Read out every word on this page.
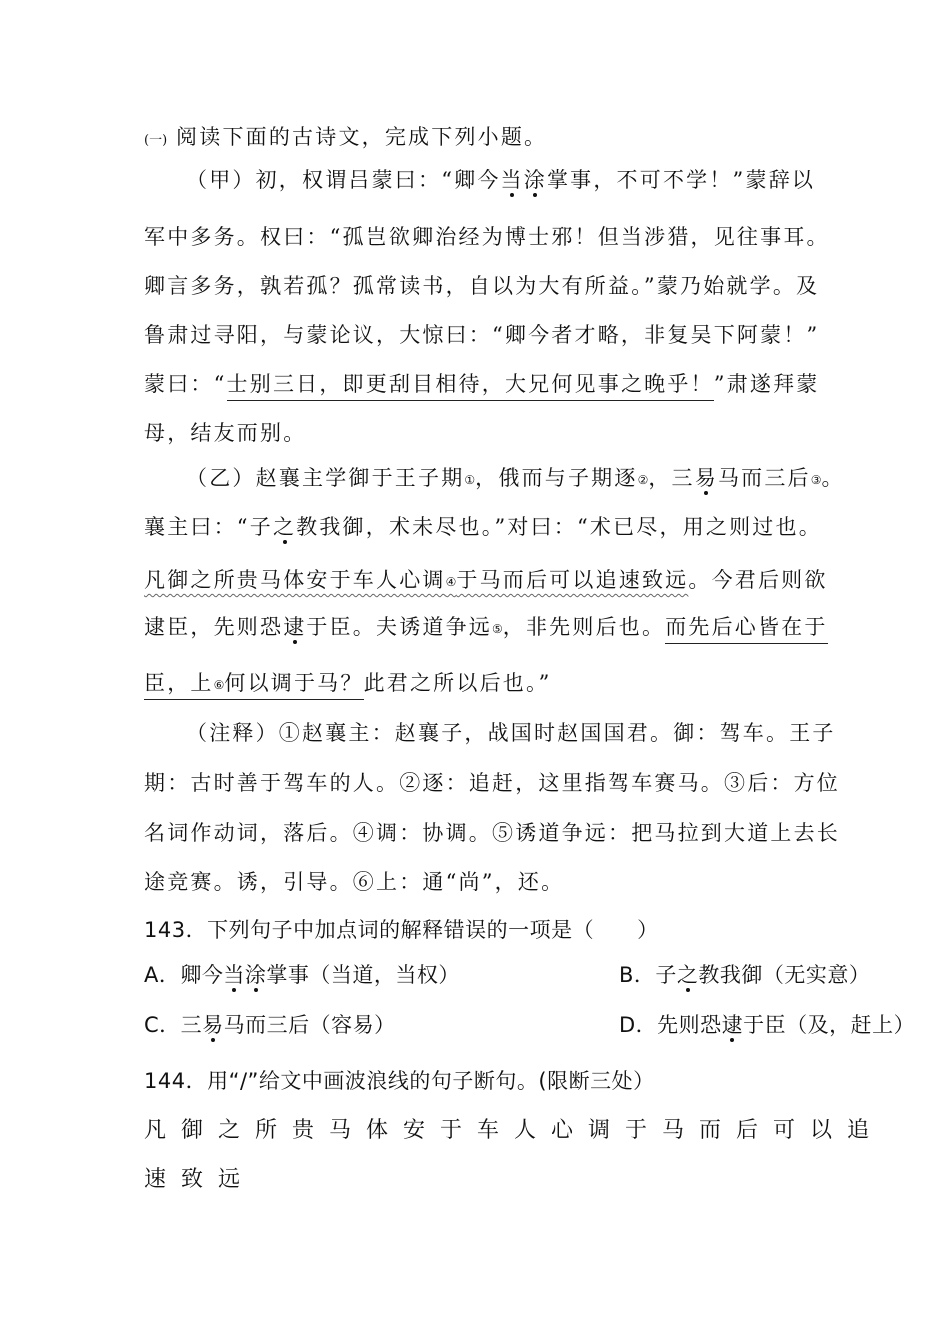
(一) 阅读下面的古诗文，完成下列小题。
（甲）初，权谓吕蒙曰：“卿今当涂掌事，不可不学！”蒙辞以
军中多务。权曰：“孤岂欲卿治经为博士邪！但当涉猎，见往事耳。
卿言多务，孰若孤？孤常读书，自以为大有所益。”蒙乃始就学。及
鲁肃过寻阳，与蒙论议，大惊曰：“卿今者才略，非复吴下阿蒙！”
蒙曰：“士别三日，即更刮目相待，大兄何见事之晚乎！”肃遂拜蒙
母，结友而别。
（乙）赵襄主学御于王子期①，俄而与子期逐②，三易马而三后③。
襄主曰：“子之教我御，术未尽也。”对曰：“术已尽，用之则过也。
凡御之所贵马体安于车人心调④于马而后可以追速致远。今君后则欲
逮臣，先则恐逮于臣。夫诱道争远⑤，非先则后也。而先后心皆在于
臣，上⑥何以调于马？此君之所以后也。”
（注释）①赵襄主：赵襄子，战国时赵国国君。御：驾车。王子
期：古时善于驾车的人。②逐：追赶，这里指驾车赛马。③后：方位
名词作动词，落后。④调：协调。⑤诱道争远：把马拉到大道上去长
途竞赛。诱，引导。⑥上：通“尚”，还。
143．下列句子中加点词的解释错误的一项是（　　）
A．卿今当涂掌事（当道，当权）	B．子之教我御（无实意）
C．三易马而三后（容易）	D．先则恐逮于臣（及，赶上）
144．用“/”给文中画波浪线的句子断句。(限断三处）
凡御之所贵马体安于车人心调于马而后可以追
速致远
